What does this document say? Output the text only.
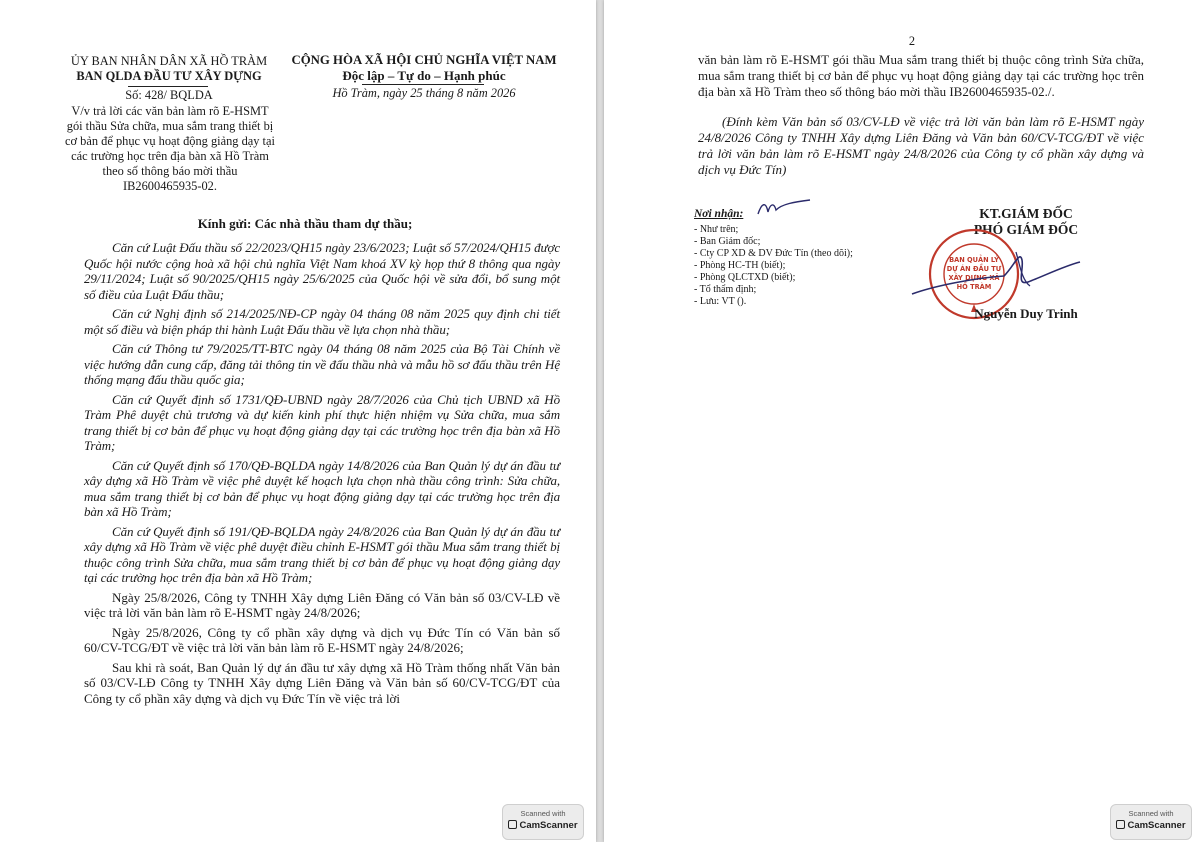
ỦY BAN NHÂN DÂN XÃ HỒ TRÀM
BAN QLDA ĐẦU TƯ XÂY DỰNG
Số: 428/ BQLDA
V/v trả lời các văn bản làm rõ E-HSMT gói thầu Sửa chữa, mua sắm trang thiết bị cơ bản để phục vụ hoạt động giảng dạy tại các trường học trên địa bàn xã Hồ Tràm theo số thông báo mời thầu IB2600465935-02.
CỘNG HÒA XÃ HỘI CHỦ NGHĨA VIỆT NAM
Độc lập – Tự do – Hạnh phúc
Hồ Tràm, ngày 25 tháng 8 năm 2026
Kính gửi: Các nhà thầu tham dự thầu;

Căn cứ Luật Đấu thầu số 22/2023/QH15 ngày 23/6/2023; Luật số 57/2024/QH15 được Quốc hội nước cộng hoà xã hội chủ nghĩa Việt Nam khoá XV kỳ họp thứ 8 thông qua ngày 29/11/2024; Luật số 90/2025/QH15 ngày 25/6/2025 của Quốc hội về sửa đổi, bổ sung một số điều của Luật Đấu thầu;

Căn cứ Nghị định số 214/2025/NĐ-CP ngày 04 tháng 08 năm 2025 quy định chi tiết một số điều và biện pháp thi hành Luật Đấu thầu về lựa chọn nhà thầu;

Căn cứ Thông tư 79/2025/TT-BTC ngày 04 tháng 08 năm 2025 của Bộ Tài Chính về việc hướng dẫn cung cấp, đăng tải thông tin về đấu thầu nhà và mẫu hồ sơ đấu thầu trên Hệ thống mạng đấu thầu quốc gia;

Căn cứ Quyết định số 1731/QĐ-UBND ngày 28/7/2026 của Chủ tịch UBND xã Hồ Tràm Phê duyệt chủ trương và dự kiến kinh phí thực hiện nhiệm vụ Sửa chữa, mua sắm trang thiết bị cơ bản để phục vụ hoạt động giảng dạy tại các trường học trên địa bàn xã Hồ Tràm;

Căn cứ Quyết định số 170/QĐ-BQLDA ngày 14/8/2026 của Ban Quản lý dự án đầu tư xây dựng xã Hồ Tràm về việc phê duyệt kế hoạch lựa chọn nhà thầu công trình: Sửa chữa, mua sắm trang thiết bị cơ bản để phục vụ hoạt động giảng dạy tại các trường học trên địa bàn xã Hồ Tràm;

Căn cứ Quyết định số 191/QĐ-BQLDA ngày 24/8/2026 của Ban Quản lý dự án đầu tư xây dựng xã Hồ Tràm về việc phê duyệt điều chỉnh E-HSMT gói thầu Mua sắm trang thiết bị thuộc công trình Sửa chữa, mua sắm trang thiết bị cơ bản để phục vụ hoạt động giảng dạy tại các trường học trên địa bàn xã Hồ Tràm;

Ngày 25/8/2026, Công ty TNHH Xây dựng Liên Đăng có Văn bản số 03/CV-LĐ về việc trả lời văn bản làm rõ E-HSMT ngày 24/8/2026;

Ngày 25/8/2026, Công ty cổ phần xây dựng và dịch vụ Đức Tín có Văn bản số 60/CV-TCG/ĐT về việc trả lời văn bản làm rõ E-HSMT ngày 24/8/2026;

Sau khi rà soát, Ban Quản lý dự án đầu tư xây dựng xã Hồ Tràm thống nhất Văn bản số 03/CV-LĐ Công ty TNHH Xây dựng Liên Đăng và Văn bản số 60/CV-TCG/ĐT của Công ty cổ phần xây dựng và dịch vụ Đức Tín về việc trả lời

Scanned with
CamScanner
2

văn bản làm rõ E-HSMT gói thầu Mua sắm trang thiết bị thuộc công trình Sửa chữa, mua sắm trang thiết bị cơ bản để phục vụ hoạt động giảng dạy tại các trường học trên địa bàn xã Hồ Tràm theo số thông báo mời thầu IB2600465935-02./.

(Đính kèm Văn bản số 03/CV-LĐ về việc trả lời văn bản làm rõ E-HSMT ngày 24/8/2026 Công ty TNHH Xây dựng Liên Đăng và Văn bản 60/CV-TCG/ĐT về việc trả lời văn bản làm rõ E-HSMT ngày 24/8/2026 của Công ty cổ phần xây dựng và dịch vụ Đức Tín)

Nơi nhận:
- Như trên;
- Ban Giám đốc;
- Cty CP XD & DV Đức Tín (theo dõi);
- Phòng HC-TH (biết);
- Phòng QLCTXD (biết);
- Tổ thẩm định;
- Lưu: VT ().
KT.GIÁM ĐỐC
PHÓ GIÁM ĐỐC
BAN QUẢN LÝ
DỰ ÁN ĐẦU TƯ
XÂY DỰNG XÃ
HỒ TRÀM
Nguyễn Duy Trinh
Scanned with
CamScanner
